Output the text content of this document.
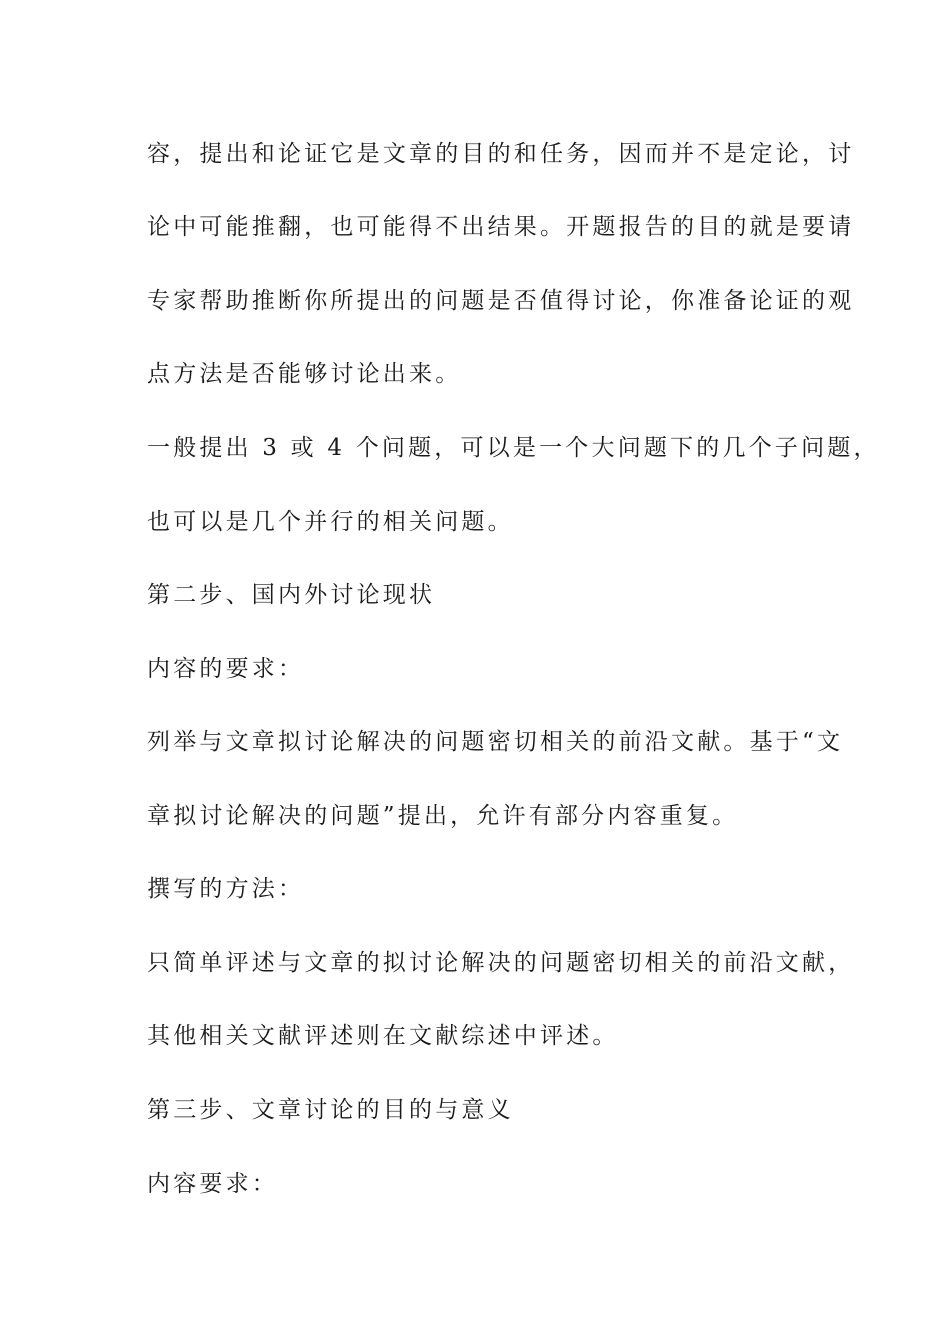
容，提出和论证它是文章的目的和任务，因而并不是定论，讨
论中可能推翻，也可能得不出结果。开题报告的目的就是要请
专家帮助推断你所提出的问题是否值得讨论，你准备论证的观
点方法是否能够讨论出来。
一般提出 3 或 4 个问题，可以是一个大问题下的几个子问题，
也可以是几个并行的相关问题。
第二步、国内外讨论现状
内容的要求：
列举与文章拟讨论解决的问题密切相关的前沿文献。基于“文
章拟讨论解决的问题”提出，允许有部分内容重复。
撰写的方法：
只简单评述与文章的拟讨论解决的问题密切相关的前沿文献，
其他相关文献评述则在文献综述中评述。
第三步、文章讨论的目的与意义
内容要求：
